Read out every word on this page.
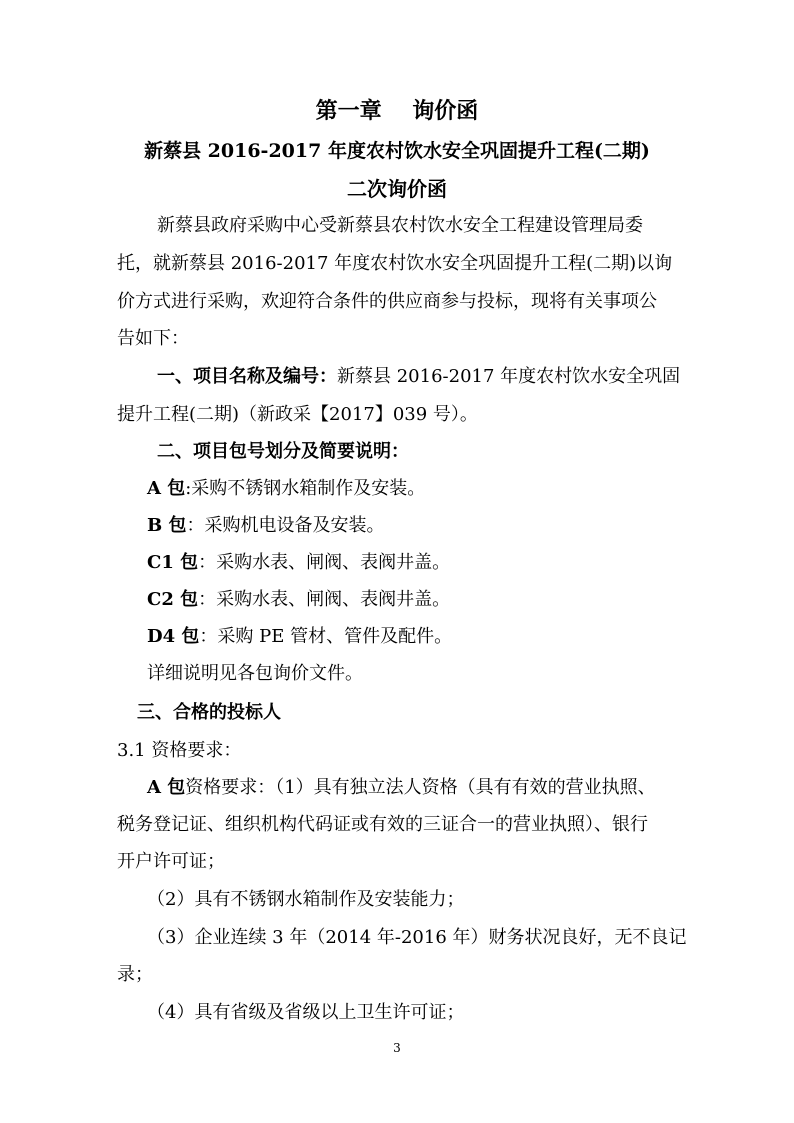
第一章    询价函
新蔡县 2016-2017 年度农村饮水安全巩固提升工程(二期)
二次询价函
新蔡县政府采购中心受新蔡县农村饮水安全工程建设管理局委
托，就新蔡县 2016-2017 年度农村饮水安全巩固提升工程(二期)以询
价方式进行采购，欢迎符合条件的供应商参与投标，现将有关事项公
告如下：
一、项目名称及编号：新蔡县 2016-2017 年度农村饮水安全巩固
提升工程(二期)（新政采【2017】039 号）。
二、项目包号划分及简要说明：
A 包:采购不锈钢水箱制作及安装。
B 包：采购机电设备及安装。
C1 包：采购水表、闸阀、表阀井盖。
C2 包：采购水表、闸阀、表阀井盖。
D4 包：采购 PE 管材、管件及配件。
详细说明见各包询价文件。
三、合格的投标人
3.1 资格要求：
A 包资格要求：（1）具有独立法人资格（具有有效的营业执照、
税务登记证、组织机构代码证或有效的三证合一的营业执照）、银行
开户许可证；
（2）具有不锈钢水箱制作及安装能力；
（3）企业连续 3 年（2014 年-2016 年）财务状况良好，无不良记
录；
（4）具有省级及省级以上卫生许可证；
3
